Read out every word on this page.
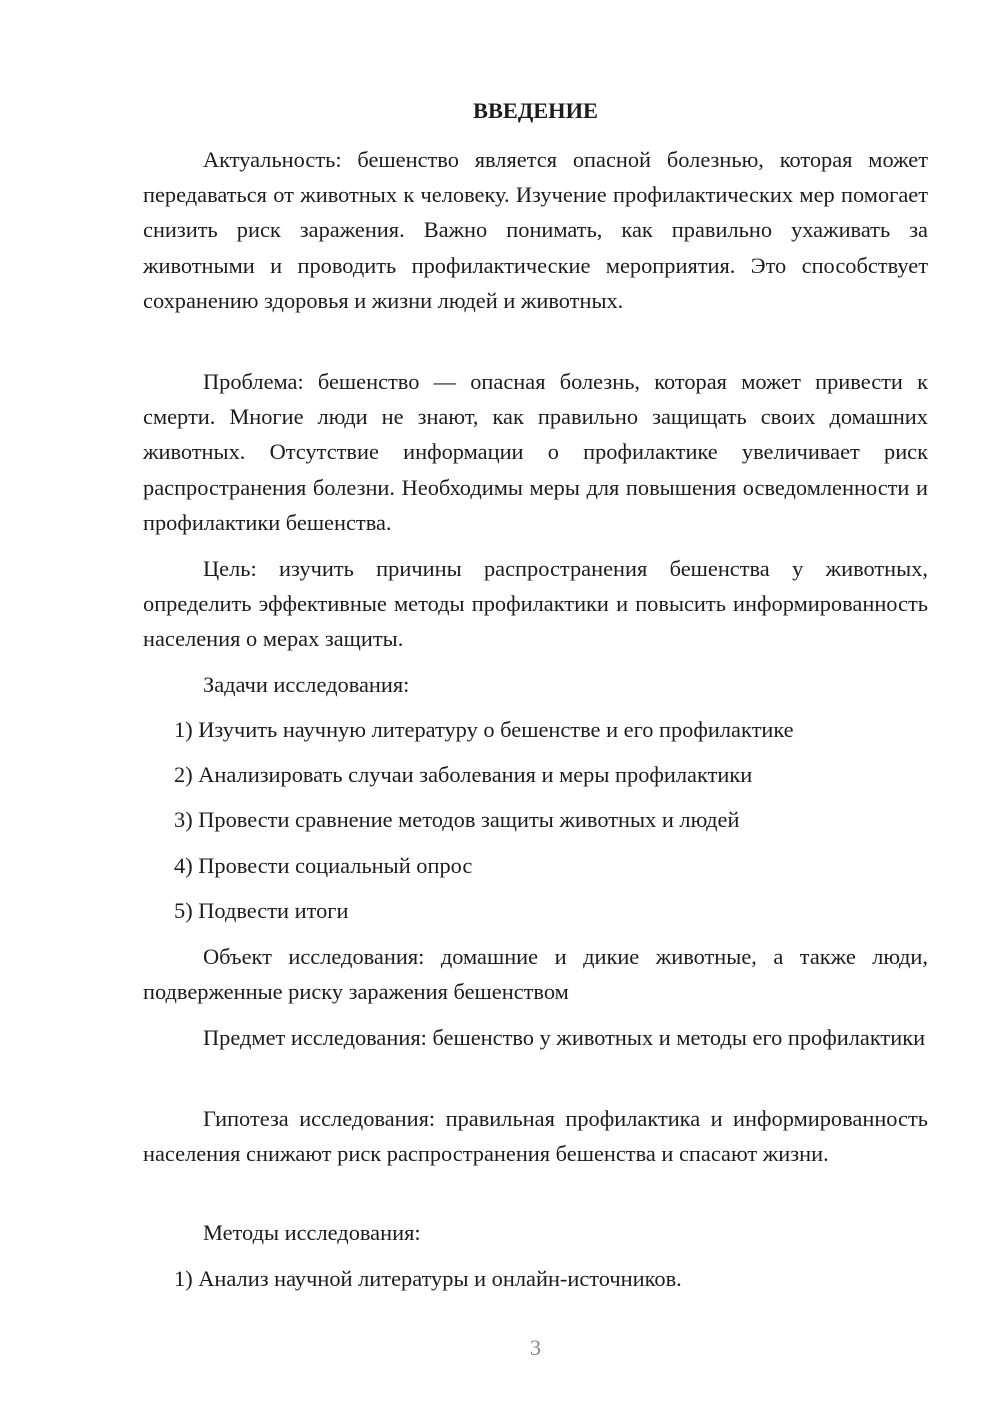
ВВЕДЕНИЕ

Актуальность: бешенство является опасной болезнью, которая может передаваться от животных к человеку. Изучение профилактических мер помогает снизить риск заражения. Важно понимать, как правильно ухаживать за животными и проводить профилактические мероприятия. Это способствует сохранению здоровья и жизни людей и животных.

Проблема: бешенство — опасная болезнь, которая может привести к смерти. Многие люди не знают, как правильно защищать своих домашних животных. Отсутствие информации о профилактике увеличивает риск распространения болезни. Необходимы меры для повышения осведомленности и профилактики бешенства.

Цель: изучить причины распространения бешенства у животных, определить эффективные методы профилактики и повысить информированность населения о мерах защиты.

Задачи исследования:
1) Изучить научную литературу о бешенстве и его профилактике
2) Анализировать случаи заболевания и меры профилактики
3) Провести сравнение методов защиты животных и людей
4) Провести социальный опрос
5) Подвести итоги

Объект исследования: домашние и дикие животные, а также люди, подверженные риску заражения бешенством

Предмет исследования: бешенство у животных и методы его профилактики

Гипотеза исследования: правильная профилактика и информированность населения снижают риск распространения бешенства и спасают жизни.

Методы исследования:
1) Анализ научной литературы и онлайн-источников.
3
